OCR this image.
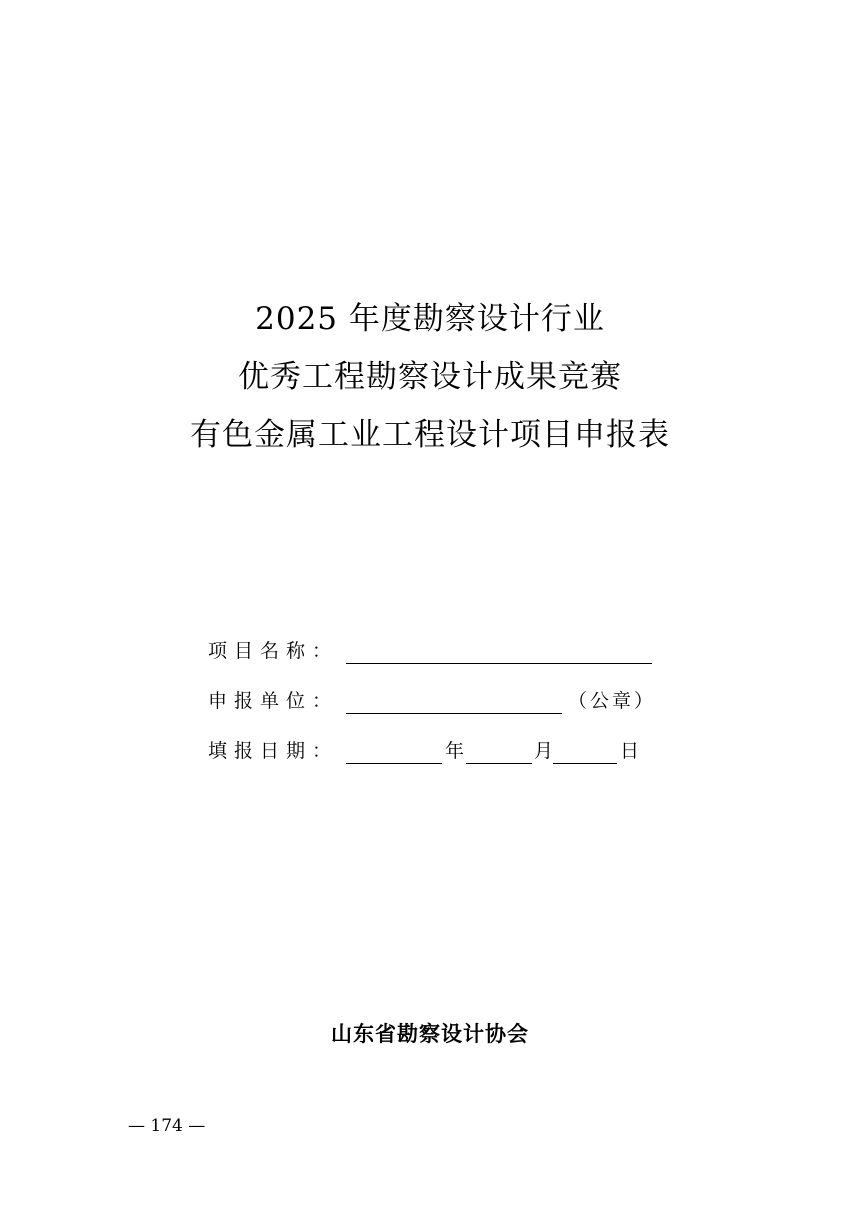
2025 年度勘察设计行业
优秀工程勘察设计成果竞赛
有色金属工业工程设计项目申报表
项目名称：
申报单位：	（公章）
填报日期：	年	月	日
山东省勘察设计协会
— 174 —
